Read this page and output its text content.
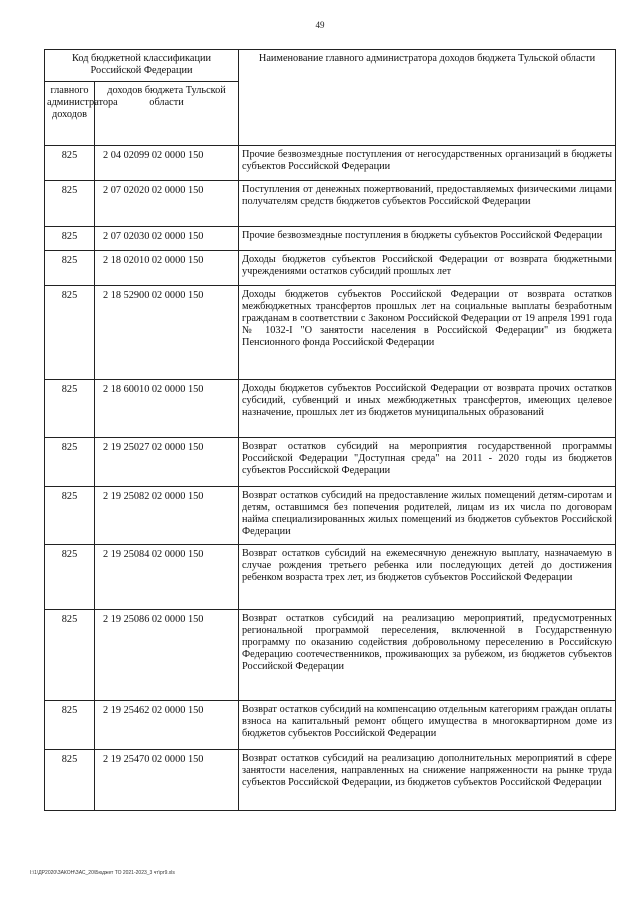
49
Код бюджетной классификации Российской Федерации		Наименование главного администратора доходов бюджета Тульской области
главного администратора доходов	доходов бюджета Тульской области	
825	2 04 02099 02 0000 150	Прочие безвозмездные поступления от негосударственных организаций в бюджеты субъектов Российской Федерации
825	2 07 02020 02 0000 150	Поступления от денежных пожертвований, предоставляемых физическими лицами получателям средств бюджетов субъектов Российской Федерации
825	2 07 02030 02 0000 150	Прочие безвозмездные поступления в бюджеты субъектов Российской Федерации
825	2 18 02010 02 0000 150	Доходы бюджетов субъектов Российской Федерации от возврата бюджетными учреждениями остатков субсидий прошлых лет
825	2 18 52900 02 0000 150	Доходы бюджетов субъектов Российской Федерации от возврата остатков межбюджетных трансфертов прошлых лет на социальные выплаты безработным гражданам в соответствии с Законом Российской Федерации от 19 апреля 1991 года № 1032-I "О занятости населения в Российской Федерации" из бюджета Пенсионного фонда Российской Федерации
825	2 18 60010 02 0000 150	Доходы бюджетов субъектов Российской Федерации от возврата прочих остатков субсидий, субвенций и иных межбюджетных трансфертов, имеющих целевое назначение, прошлых лет из бюджетов муниципальных образований
825	2 19 25027 02 0000 150	Возврат остатков субсидий на мероприятия государственной программы Российской Федерации "Доступная среда" на 2011 - 2020 годы из бюджетов субъектов Российской Федерации
825	2 19 25082 02 0000 150	Возврат остатков субсидий на предоставление жилых помещений детям-сиротам и детям, оставшимся без попечения родителей, лицам из их числа по договорам найма специализированных жилых помещений из бюджетов субъектов Российской Федерации
825	2 19 25084 02 0000 150	Возврат остатков субсидий на ежемесячную денежную выплату, назначаемую в случае рождения третьего ребенка или последующих детей до достижения ребенком возраста трех лет, из бюджетов субъектов Российской Федерации
825	2 19 25086 02 0000 150	Возврат остатков субсидий на реализацию мероприятий, предусмотренных региональной программой переселения, включенной в Государственную программу по оказанию содействия добровольному переселению в Российскую Федерацию соотечественников, проживающих за рубежом, из бюджетов субъектов Российской Федерации
825	2 19 25462 02 0000 150	Возврат остатков субсидий на компенсацию отдельным категориям граждан оплаты взноса на капитальный ремонт общего имущества в многоквартирном доме из бюджетов субъектов Российской Федерации
825	2 19 25470 02 0000 150	Возврат остатков субсидий на реализацию дополнительных мероприятий в сфере занятости населения, направленных на снижение напряженности на рынке труда субъектов Российской Федерации, из бюджетов субъектов Российской Федерации
I:\1\ДР2020\ЗАКОН\ЗАС_20\Бюджет ТО 2021-2023_3 чт\рг9.xls
